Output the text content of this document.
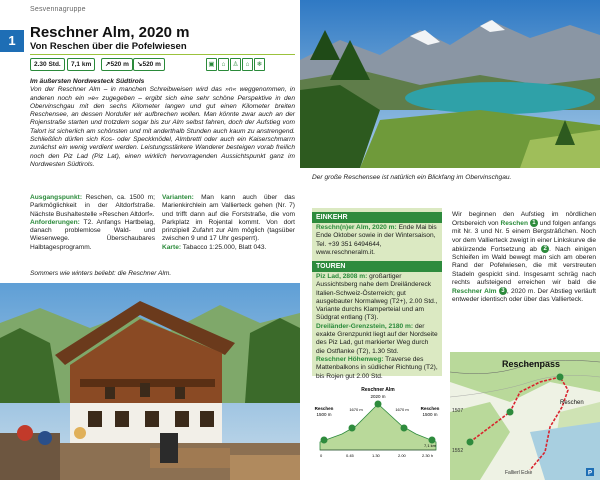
Sesvennagruppe
1 Reschner Alm, 2020 m
Von Reschen über die Pofelwiesen
2.30 Std.	7,1 km	↗520 m	↘520 m	▣	⌂	♙	⌂	❄
Im äußersten Nordwesteck Südtirols
Von der Reschner Alm – in manchen Schreibweisen wird das »n« weggenommen, in anderen noch ein »e« zugegeben – ergibt sich eine sehr schöne Perspektive in den Obervinschgau mit den sechs Kilometer langen und gut einen Kilometer breiten Reschensee, an dessen Nordufer wir aufbrechen wollen. Man könnte zwar auch an der Rojenstraße starten und trotzdem sogar bis zur Alm selbst fahren, doch der Aufstieg vom Talort ist sicherlich am schönsten und mit anderthalb Stunden auch kaum zu anstrengend. Schließlich dürfen sich Kos- oder Speckknödel, Almbrettl oder auch ein Kaiserschmarrn zunächst ein wenig verdient werden. Leistungsstärkere Wanderer besteigen vorab freilich noch den Piz Lad (Piz Lat), einen wirklich hervorragenden Aussichtspunkt ganz im Nordwesten Südtirols.
Ausgangspunkt: Reschen, ca. 1500 m; Parkmöglichkeit in der Altdorfstraße. Nächste Bushaltestelle »Reschen Altdorf«.
Anforderungen: T2. Anfangs Hartbelag, danach problemlose Wald- und Wiesenwege. Überschaubares Halbtagesprogramm.
Varianten: Man kann auch über das Marienkirchlein am Vallierteck gehen (Nr. 7) und trifft dann auf die Forststraße, die vom Parkplatz im Rojental kommt. Von dort prinzipiell Zufahrt zur Alm möglich (tagsüber zwischen 9 und 17 Uhr gesperrt).
Karte: Tabacco 1:25.000, Blatt 043.
Sommers wie winters beliebt: die Reschner Alm.
Der große Reschensee ist natürlich ein Blickfang im Obervinschgau.
EINKEHR
Reschn(n)er Alm, 2020 m: Ende Mai bis Ende Oktober sowie in der Wintersaison, Tel. +39 351 6494644, www.reschneralm.it.
TOUREN
Piz Lad, 2808 m: großartiger Aussichtsberg nahe dem Dreiländereck Italien-Schweiz-Österreich; gut ausgebauter Normalweg (T2+), 2.00 Std., Variante durchs Klamperteial und am Südgrat entlang (T3).
Dreiländer-Grenzstein, 2180 m: der exakte Grenzpunkt liegt auf der Nordseite des Piz Lad, gut markierter Weg durch die Ostflanke (T2), 1.30 Std.
Reschner Höhenweg: Traverse des Mattenbalkons in südlicher Richtung (T2), bis Rojen gut 2.00 Std.
Wir beginnen den Aufstieg im nördlichen Ortsbereich von Reschen 1 und folgen anfangs mit Nr. 3 und Nr. 5 einem Bergsträßchen. Noch vor dem Vallierteck zweigt in einer Linkskurve die abkürzende Fortsetzung ab 2 . Nach einigen Schleifen im Wald bewegt man sich am oberen Rand der Pofelwiesen, die mit verstreuten Stadeln gespickt sind. Insgesamt schräg nach rechts aufsteigend erreichen wir bald die Reschner Alm 3 , 2020 m. Der Abstieg verläuft entweder identisch oder über das Vallierteck.
Reschner Alm
2020 m
Reschen
1500 m
Reschen
1500 m
1670 m	1670 m
0	0.45	1.30	2.00	2.30 h
7,1 km
Reschenpass
Reschen
1507
1552
Fallierl Ecke	P
